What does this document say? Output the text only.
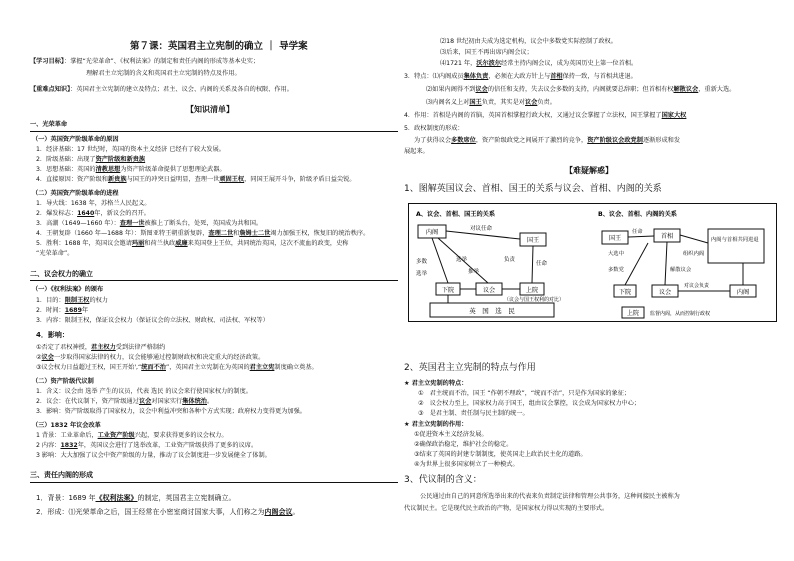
第７课：英国君主立宪制的确立 ｜ 导学案
【学习目标】：掌握“光荣革命”、《权利法案》的制定和责任内阁的形成等基本史实；
理解君主立宪制的含义和英国君主立宪制的特点及作用。
【重难点知识】：英国君主立宪制的建立及特点；君主、议会、内阁的关系及各自的权限、作用。
【知识清单】
一、光荣革命
（一）英国资产阶级革命的原因
1．经济基础：17 世纪时，英国的资本主义经济 已经有了较大发展。
2．阶级基础：出现了资产阶级和新贵族
3．思想基础：英国的清教思想为资产阶级革命提供了思想理论武器。
4．直接原因：资产阶级和新贵族与国王的冲突日益明显，查理一世顽固王权，同国王展开斗争，阶级矛盾日益尖锐。
（二）英国资产阶级革命的进程
1．导火线：1638 年，苏格兰人民起义。
2．爆发标志：1640年，新议会的召开。
3．高潮（1649—1660 年）：查理一世被推上了断头台，处死，英国成为共和国。
4．王朝复辟（1660 年—1688 年）：斯图亚特王朝重新复辟，查理二世和詹姆士二世竭力加强王权，恢复旧的统治秩序。
5．胜利：1688 年，英国议会邀请玛丽和荷兰执政威廉来英国登上王位，共同统治英国，这次不流血的政变，史称
“光荣革命”。
二、议会权力的确立
（一）《权利法案》的颁布
1．目的：限制王权的权力
2．时间：1689年
3．内容：限制王权，保证议会权力（保证议会的立法权、财政权、司法权、军权等）
4．影响：
①否定了君权神授，君主权力受到法律严格制约
②议会一步取得国家法律的权力，议会能够通过控制财政权和决定重大的经济政策。
③议会权力日益超过王权，国王开始',“统而不治”，英国君主立宪制在为英国的君主立宪制度确立奠基。
（二）资产阶级代议制
1．含义：议会由 选举 产生的议员，代表 选民 的议会来行使国家权力的制度。
2．议会：在代议制下，资产阶级通过议会对国家实行集体统治。
3．影响：资产阶级取得了国家权力，议会中利益冲突和各种个方式实现；政府权力变得更为加强。
（三）1832 年议会改革
1 背景：工业革命后，工业资产阶级兴起，要求获得更多的议会权力。
2 内容：1832年，英国议会进行了选举改革，工业资产阶级获得了更多的议席。
3 影响：大大加强了议会中资产阶级的力量，推动了议会制度进一步发展健全了体制。
三、责任内阁的形成
1．背景：1689 年《权利法案》的制定，英国君主立宪制确立。
2．形成：⑴光荣革命之后，国王经常在小密室商讨国家大事，人们称之为内阁会议。
⑵18 世纪初由夫成为选定机构，议会中多数党实际控制了政权。
⑶后来，国王不再出席内阁会议；
⑷1721 年，沃尔波尔经常主持内阁会议，成为英国历史上第一位首相。
3．特点：⑴内阁成员集体负责，必须在大政方针上与首相保持一致，与首相共进退。
⑵如果内阁得不到议会的信任和支持，失去议会多数的支持，内阁就要总辞职；但首相有权解散议会，重新大选。
⑶内阁名义上对国王负责，其实是对议会负责。
4．作用：首相是内阁的首脑，英国首相掌握行政大权，又通过议会掌握了立法权，国王掌握了国家大权
5．政权制度的形成：
为了获得议会多数席位，资产阶级政党之间展开了激烈的竞争，资产阶级议会政党制逐渐形成和发
展起来。
【难疑解惑】
1、图解英国议会、首相、国王的关系与议会、首相、内阁的关系
A、议会、首相、国王的关系
内阁
国王
下院	议会	上院
英　国　选　民
对议任命
任命
多数	选举
推举
选举
负责
（议会与国王权利的对比）
B、议会、首相、内阁的关系
国王	首相	内阁与首相共同进退
下院	议会	内阁
上院
任命
组织内阁
大选中
多数党	解散议会
对议会负责
监督内阁，从而控制行政权
2、英国君主立宪制的特点与作用
★ 君主立宪制的特点：
①　君主统而不治，国王 “作朝不理政”，“统而不治”，只是作为国家的象征；
②　议会权力至上，国家权力高于国王，组由议会掌控，议会成为国家权力中心；
③　是君主制、责任制与民主制的统一。
★ 君主立宪制的作用：
①促进资本主义经济发展。
②确保政治稳定，维护社会的稳定。
③结束了英国的封建专制制度，使英国走上政治民主化的道路。
④为世界上很多国家树立了一种模式。
3、代议制的含义：
公民通过由自己的同意所选举出来的代表来负责制定法律和管理公共事务，这种间接民主被称为
代议制民主。它是现代民主政治的产物，是国家权力得以实现的主要形式。
